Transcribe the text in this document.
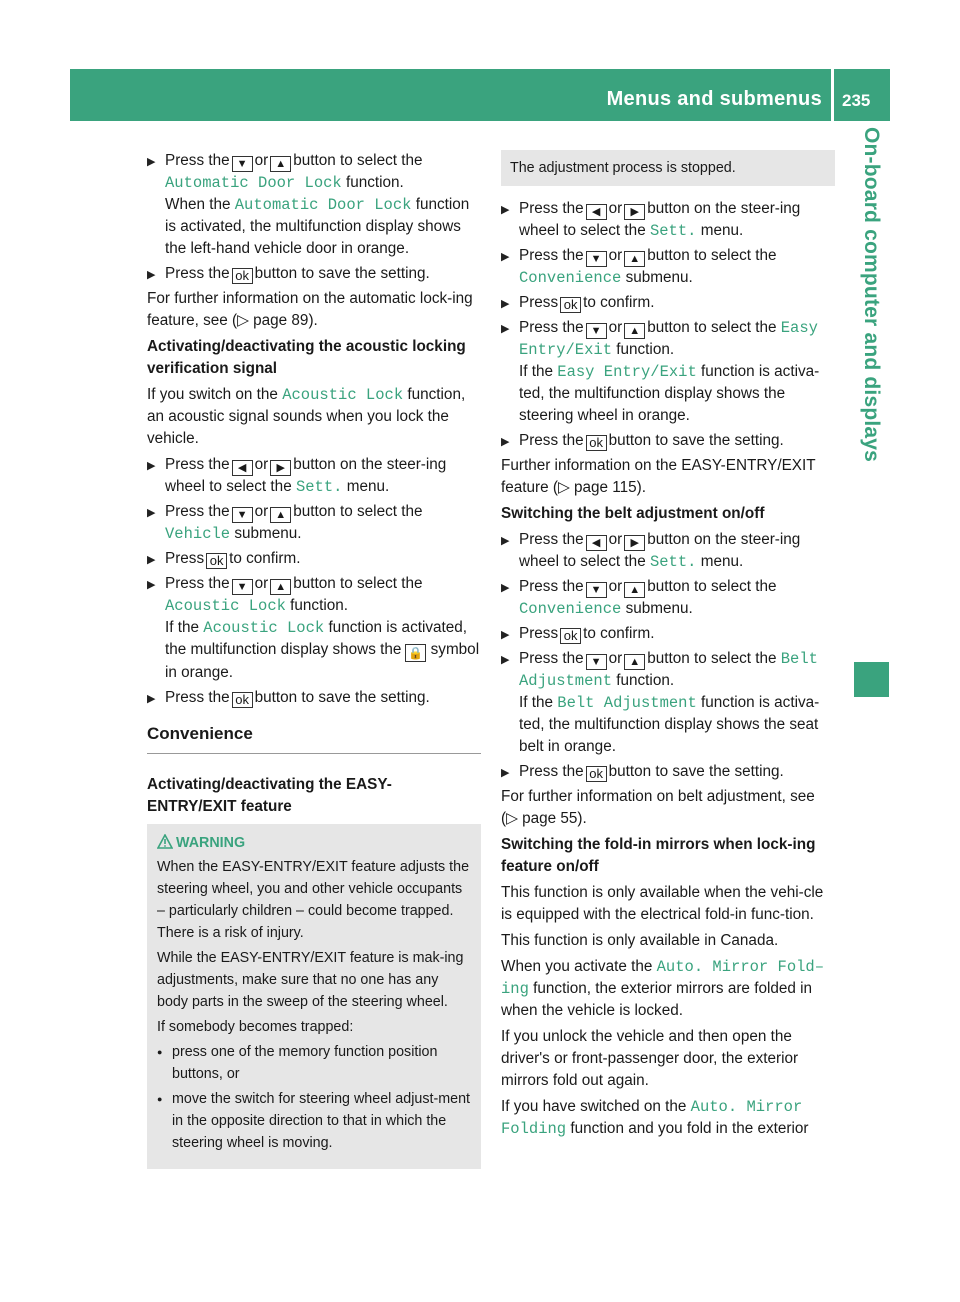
Menus and submenus 235
On-board computer and displays
▶ Press the ▼ or ▲ button to select the Automatic Door Lock function.
When the Automatic Door Lock function is activated, the multifunction display shows the left-hand vehicle door in orange.
▶ Press the ok button to save the setting.

For further information on the automatic lock-ing feature, see (▷ page 89).

Activating/deactivating the acoustic locking verification signal

If you switch on the Acoustic Lock function, an acoustic signal sounds when you lock the vehicle.

▶ Press the ◀ or ▶ button on the steer-ing wheel to select the Sett. menu.
▶ Press the ▼ or ▲ button to select the Vehicle submenu.
▶ Press ok to confirm.
▶ Press the ▼ or ▲ button to select the Acoustic Lock function.
If the Acoustic Lock function is activated, the multifunction display shows the 🔒 symbol in orange.
▶ Press the ok button to save the setting.
Convenience
Activating/deactivating the EASY-ENTRY/EXIT feature
WARNING

When the EASY-ENTRY/EXIT feature adjusts the steering wheel, you and other vehicle occupants – particularly children – could become trapped. There is a risk of injury.

While the EASY-ENTRY/EXIT feature is mak-ing adjustments, make sure that no one has any body parts in the sweep of the steering wheel.

If somebody becomes trapped:

● press one of the memory function position buttons, or
● move the switch for steering wheel adjust-ment in the opposite direction to that in which the steering wheel is moving.
The adjustment process is stopped.
▶ Press the ◀ or ▶ button on the steer-ing wheel to select the Sett. menu.
▶ Press the ▼ or ▲ button to select the Convenience submenu.
▶ Press ok to confirm.
▶ Press the ▼ or ▲ button to select the Easy Entry/Exit function.
If the Easy Entry/Exit function is activa-ted, the multifunction display shows the steering wheel in orange.
▶ Press the ok button to save the setting.

Further information on the EASY-ENTRY/EXIT feature (▷ page 115).

Switching the belt adjustment on/off
▶ Press the ◀ or ▶ button on the steer-ing wheel to select the Sett. menu.
▶ Press the ▼ or ▲ button to select the Convenience submenu.
▶ Press ok to confirm.
▶ Press the ▼ or ▲ button to select the Belt Adjustment function.
If the Belt Adjustment function is activa-ted, the multifunction display shows the seat belt in orange.
▶ Press the ok button to save the setting.

For further information on belt adjustment, see (▷ page 55).

Switching the fold-in mirrors when lock-ing feature on/off

This function is only available when the vehi-cle is equipped with the electrical fold-in func-tion.

This function is only available in Canada.

When you activate the Auto. Mirror Fold– ing function, the exterior mirrors are folded in when the vehicle is locked.

If you unlock the vehicle and then open the driver's or front-passenger door, the exterior mirrors fold out again.

If you have switched on the Auto. Mirror Folding function and you fold in the exterior
